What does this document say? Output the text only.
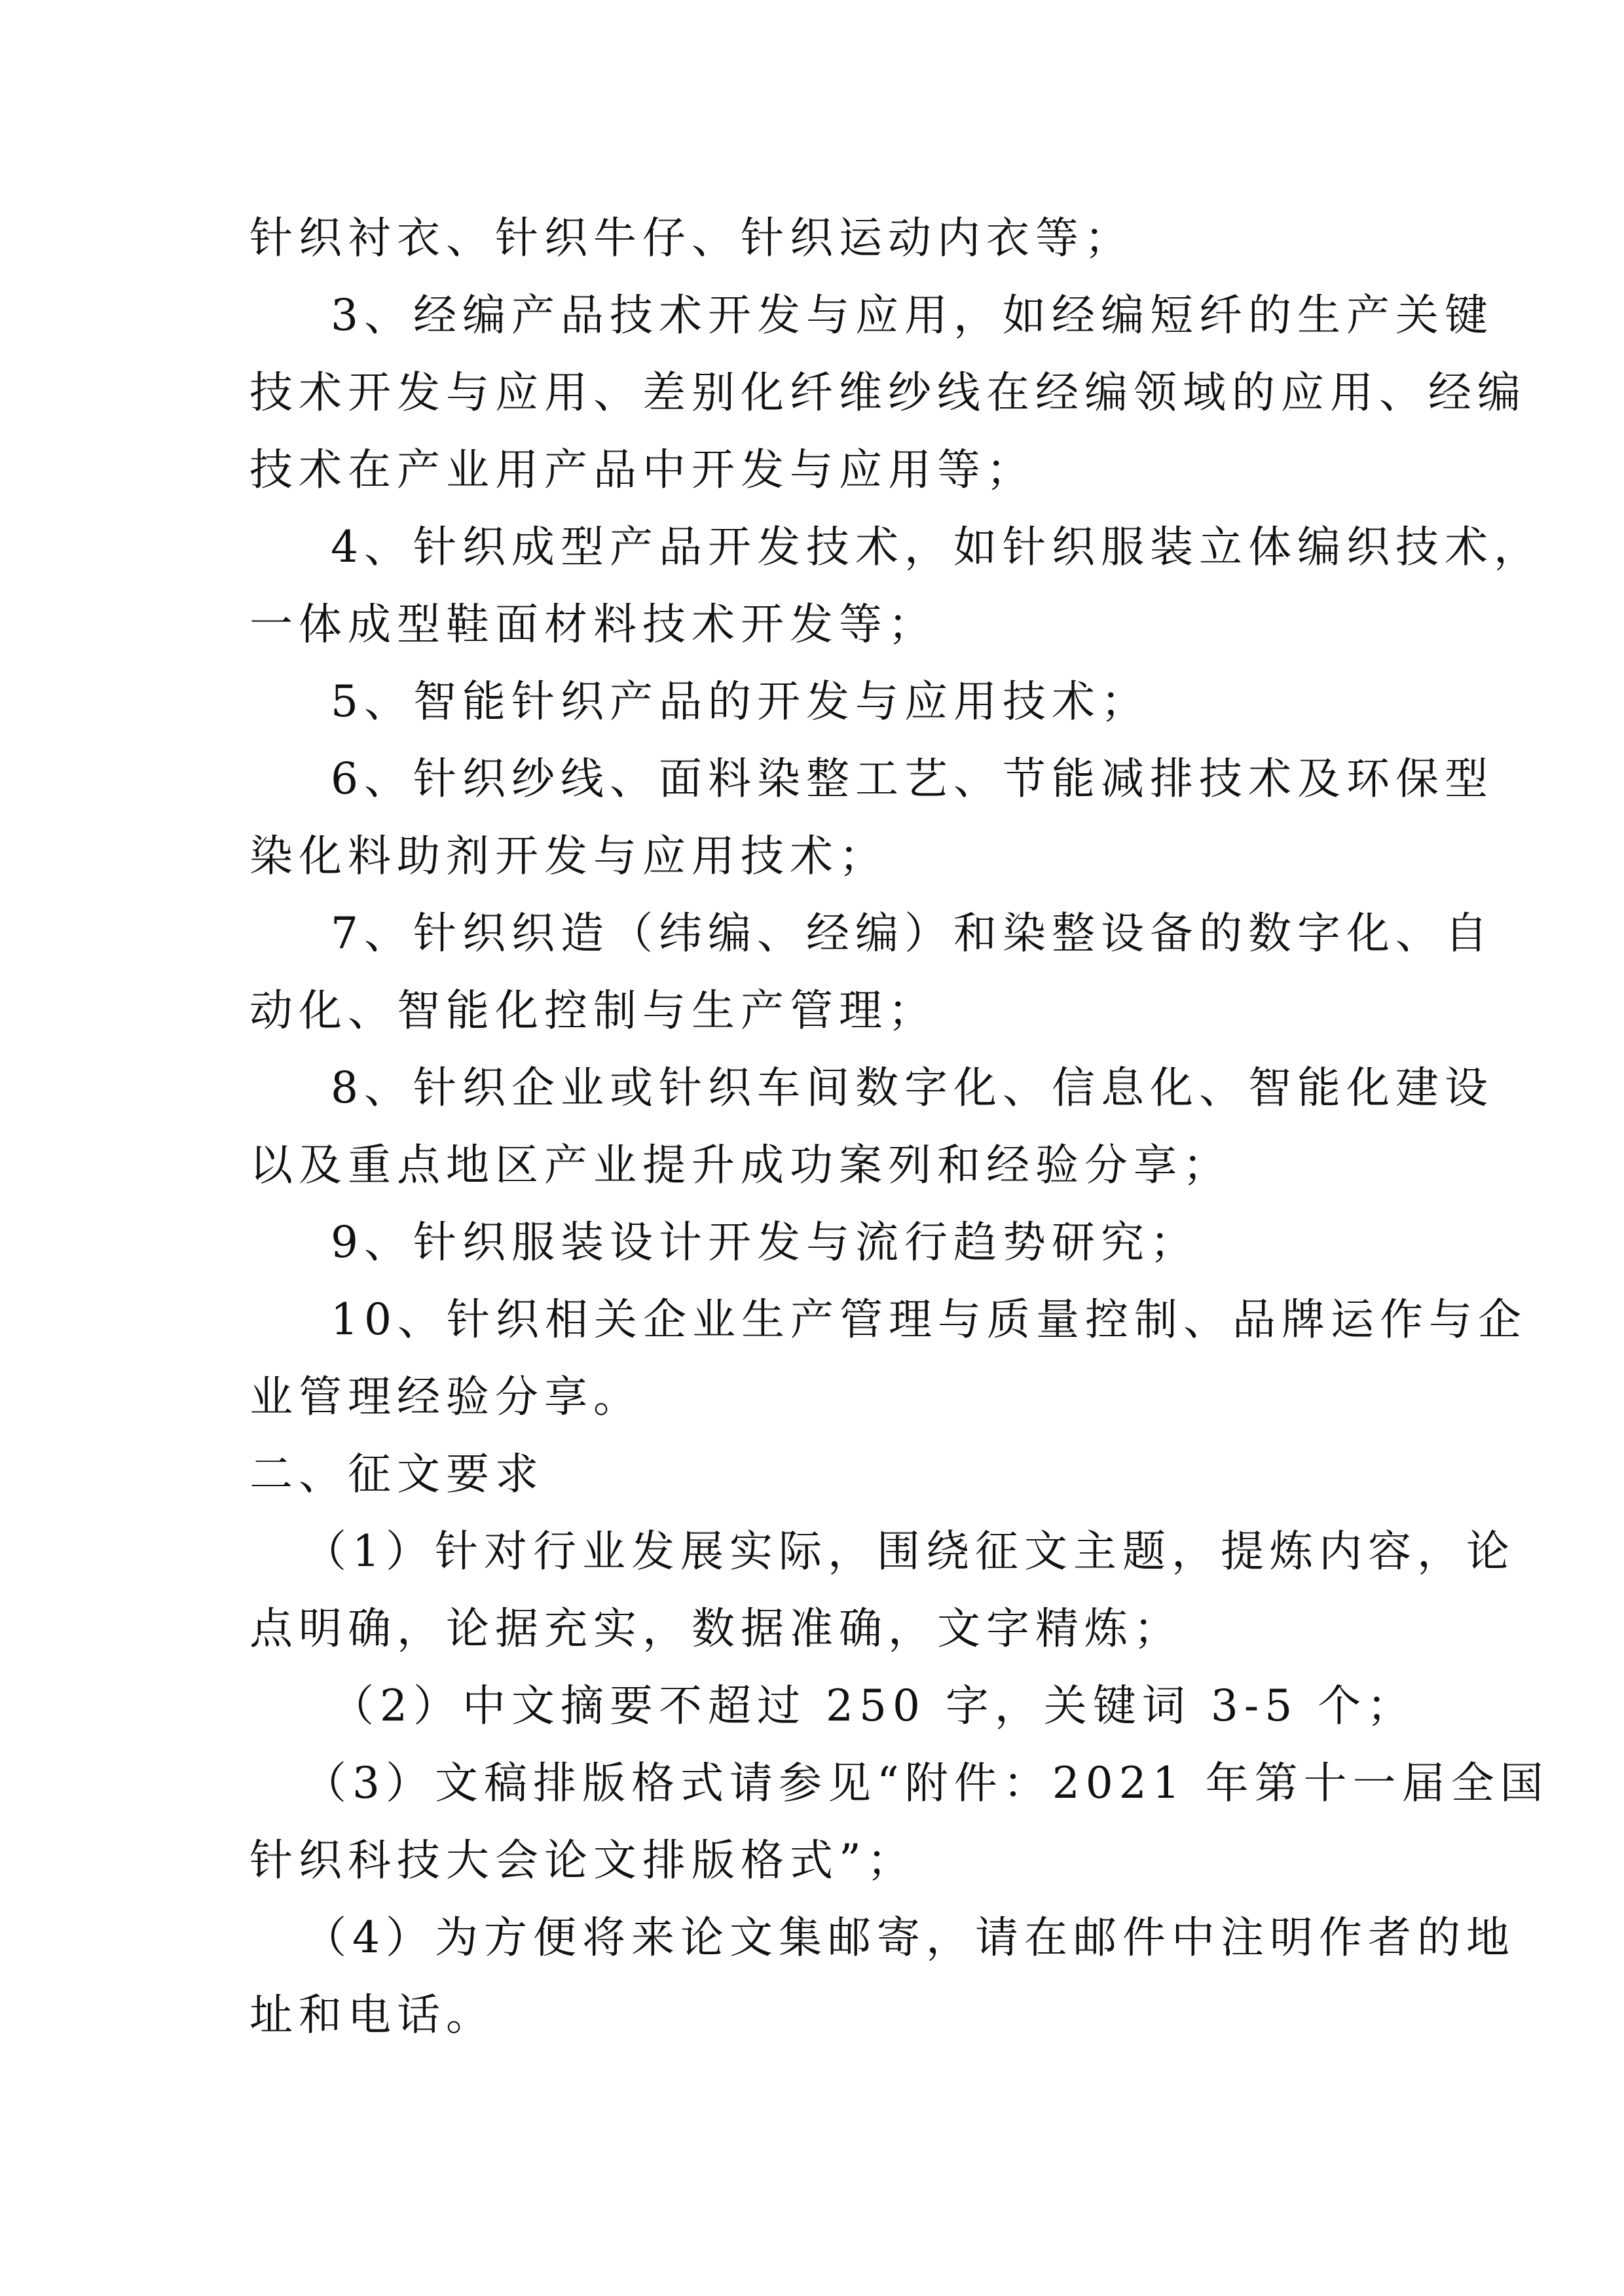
针织衬衣、针织牛仔、针织运动内衣等；
3、经编产品技术开发与应用，如经编短纤的生产关键
技术开发与应用、差别化纤维纱线在经编领域的应用、经编
技术在产业用产品中开发与应用等；
4、针织成型产品开发技术，如针织服装立体编织技术，
一体成型鞋面材料技术开发等；
5、智能针织产品的开发与应用技术；
6、针织纱线、面料染整工艺、节能减排技术及环保型
染化料助剂开发与应用技术；
7、针织织造（纬编、经编）和染整设备的数字化、自
动化、智能化控制与生产管理；
8、针织企业或针织车间数字化、信息化、智能化建设
以及重点地区产业提升成功案列和经验分享；
9、针织服装设计开发与流行趋势研究；
10、针织相关企业生产管理与质量控制、品牌运作与企
业管理经验分享。
二、征文要求
（1）针对行业发展实际，围绕征文主题，提炼内容，论
点明确，论据充实，数据准确，文字精炼；
（2）中文摘要不超过 250 字，关键词 3-5 个；
（3）文稿排版格式请参见“附件：2021 年第十一届全国
针织科技大会论文排版格式”；
（4）为方便将来论文集邮寄，请在邮件中注明作者的地
址和电话。
